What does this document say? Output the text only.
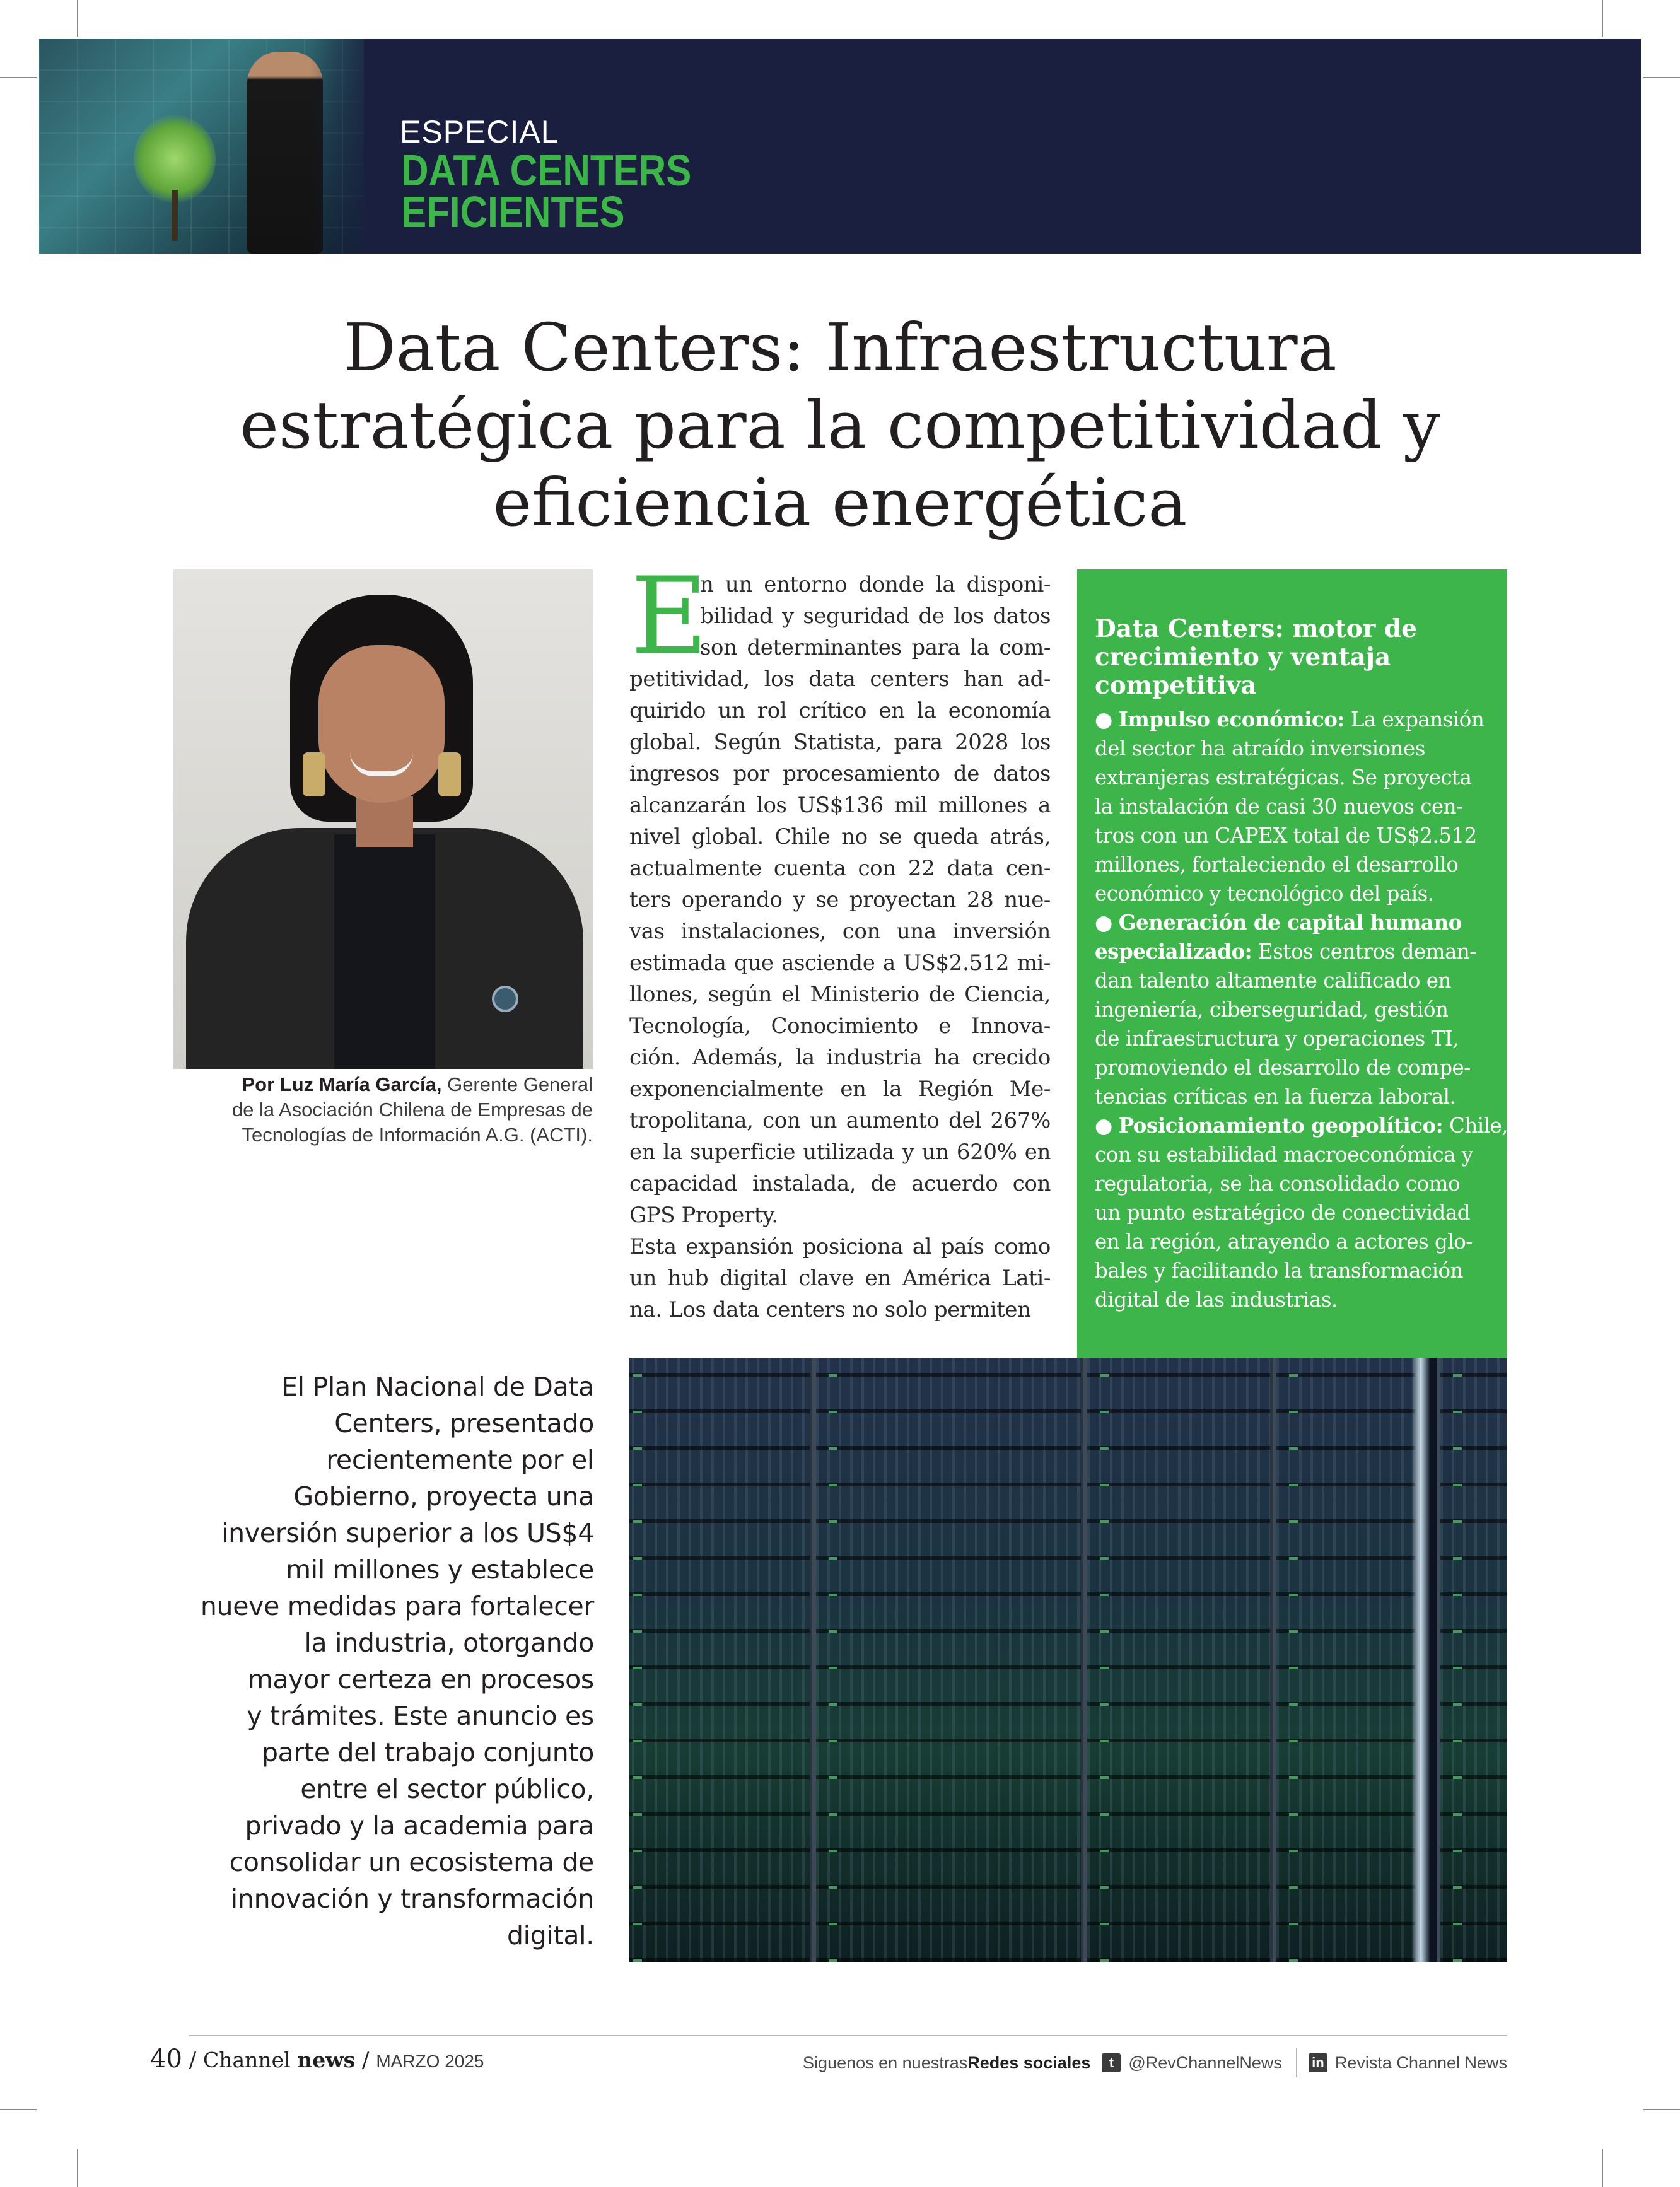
ESPECIAL
DATA CENTERS
EFICIENTES
Data Centers: Infraestructura
estratégica para la competitividad y
eficiencia energética
Por Luz María García, Gerente General
de la Asociación Chilena de Empresas de
Tecnologías de Información A.G. (ACTI).
E
n un entorno donde la disponi-
bilidad y seguridad de los datos
son determinantes para la com-
petitividad, los data centers han ad-
quirido un rol crítico en la economía
global. Según Statista, para 2028 los
ingresos por procesamiento de datos
alcanzarán los US$136 mil millones a
nivel global. Chile no se queda atrás,
actualmente cuenta con 22 data cen-
ters operando y se proyectan 28 nue-
vas instalaciones, con una inversión
estimada que asciende a US$2.512 mi-
llones, según el Ministerio de Ciencia,
Tecnología, Conocimiento e Innova-
ción. Además, la industria ha crecido
exponencialmente en la Región Me-
tropolitana, con un aumento del 267%
en la superficie utilizada y un 620% en
capacidad instalada, de acuerdo con
GPS Property.
Esta expansión posiciona al país como
un hub digital clave en América Lati-
na. Los data centers no solo permiten
Data Centers: motor de
crecimiento y ventaja
competitiva
● Impulso económico: La expansión
del sector ha atraído inversiones
extranjeras estratégicas. Se proyecta
la instalación de casi 30 nuevos cen-
tros con un CAPEX total de US$2.512
millones, fortaleciendo el desarrollo
económico y tecnológico del país.
● Generación de capital humano
especializado: Estos centros deman-
dan talento altamente calificado en
ingeniería, ciberseguridad, gestión
de infraestructura y operaciones TI,
promoviendo el desarrollo de compe-
tencias críticas en la fuerza laboral.
● Posicionamiento geopolítico: Chile,
con su estabilidad macroeconómica y
regulatoria, se ha consolidado como
un punto estratégico de conectividad
en la región, atrayendo a actores glo-
bales y facilitando la transformación
digital de las industrias.
El Plan Nacional de Data
Centers, presentado
recientemente por el
Gobierno, proyecta una
inversión superior a los US$4
mil millones y establece
nueve medidas para fortalecer
la industria, otorgando
mayor certeza en procesos
y trámites. Este anuncio es
parte del trabajo conjunto
entre el sector público,
privado y la academia para
consolidar un ecosistema de
innovación y transformación
digital.
40 / Channel news / MARZO 2025	Siguenos en nuestras Redes sociales	t @RevChannelNews in Revista Channel News
